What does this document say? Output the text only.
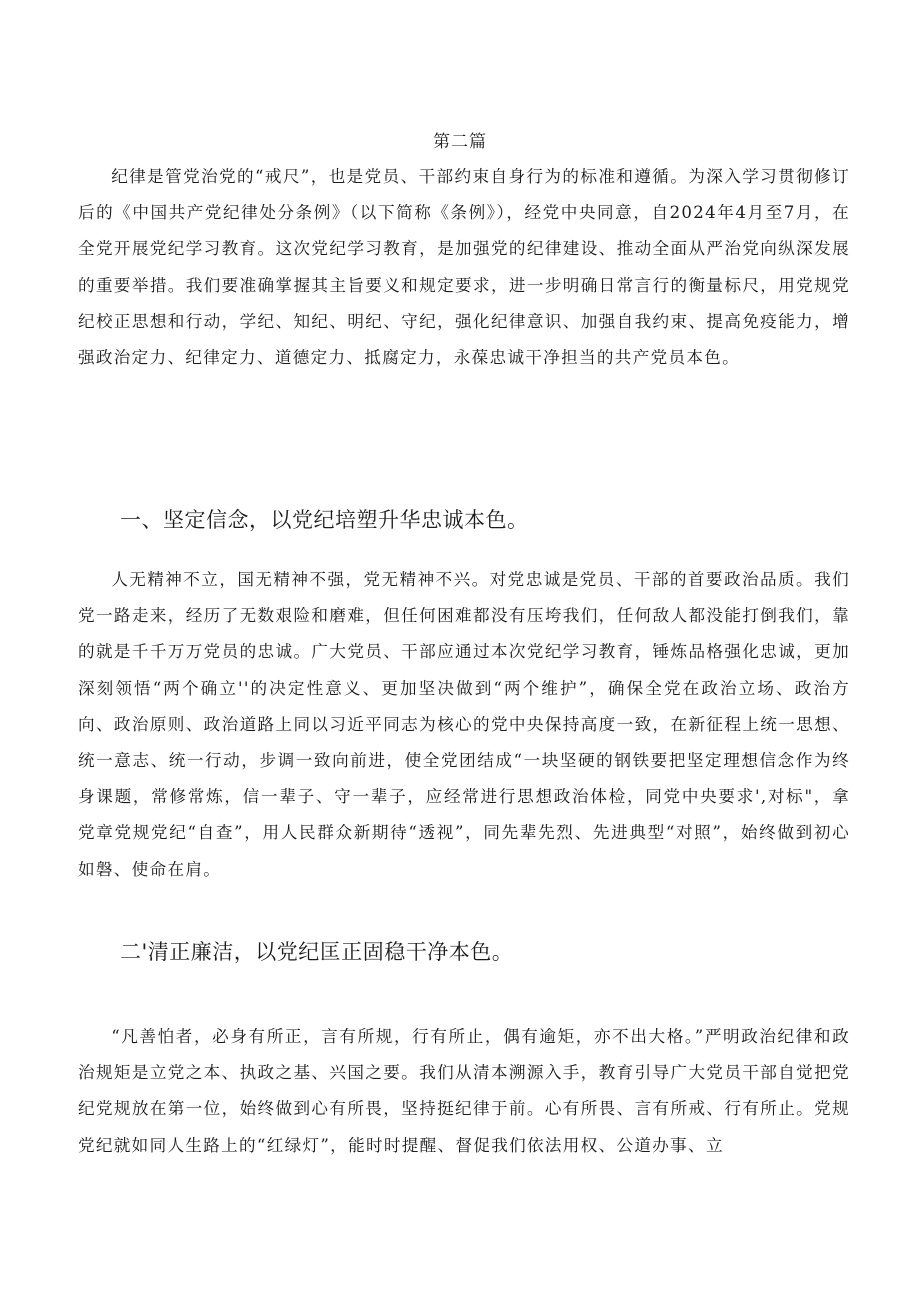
第二篇

纪律是管党治党的“戒尺”，也是党员、干部约束自身行为的标准和遵循。为深入学习贯彻修订后的《中国共产党纪律处分条例》（以下简称《条例》），经党中央同意，自2024年4月至7月，在全党开展党纪学习教育。这次党纪学习教育，是加强党的纪律建设、推动全面从严治党向纵深发展的重要举措。我们要准确掌握其主旨要义和规定要求，进一步明确日常言行的衡量标尺，用党规党纪校正思想和行动，学纪、知纪、明纪、守纪，强化纪律意识、加强自我约束、提高免疫能力，增强政治定力、纪律定力、道德定力、抵腐定力，永葆忠诚干净担当的共产党员本色。

一、坚定信念，以党纪培塑升华忠诚本色。

人无精神不立，国无精神不强，党无精神不兴。对党忠诚是党员、干部的首要政治品质。我们党一路走来，经历了无数艰险和磨难，但任何困难都没有压垮我们，任何敌人都没能打倒我们，靠的就是千千万万党员的忠诚。广大党员、干部应通过本次党纪学习教育，锤炼品格强化忠诚，更加深刻领悟“两个确立''的决定性意义、更加坚决做到“两个维护”，确保全党在政治立场、政治方向、政治原则、政治道路上同以习近平同志为核心的党中央保持高度一致，在新征程上统一思想、统一意志、统一行动，步调一致向前进，使全党团结成“一块坚硬的钢铁要把坚定理想信念作为终身课题，常修常炼，信一辈子、守一辈子，应经常进行思想政治体检，同党中央要求',对标"，拿党章党规党纪“自查”，用人民群众新期待“透视”，同先辈先烈、先进典型“对照”，始终做到初心如磐、使命在肩。

二'清正廉洁，以党纪匡正固稳干净本色。

“凡善怕者，必身有所正，言有所规，行有所止，偶有逾矩，亦不出大格。”严明政治纪律和政治规矩是立党之本、执政之基、兴国之要。我们从清本溯源入手，教育引导广大党员干部自觉把党纪党规放在第一位，始终做到心有所畏，坚持挺纪律于前。心有所畏、言有所戒、行有所止。党规党纪就如同人生路上的“红绿灯”，能时时提醒、督促我们依法用权、公道办事、立
